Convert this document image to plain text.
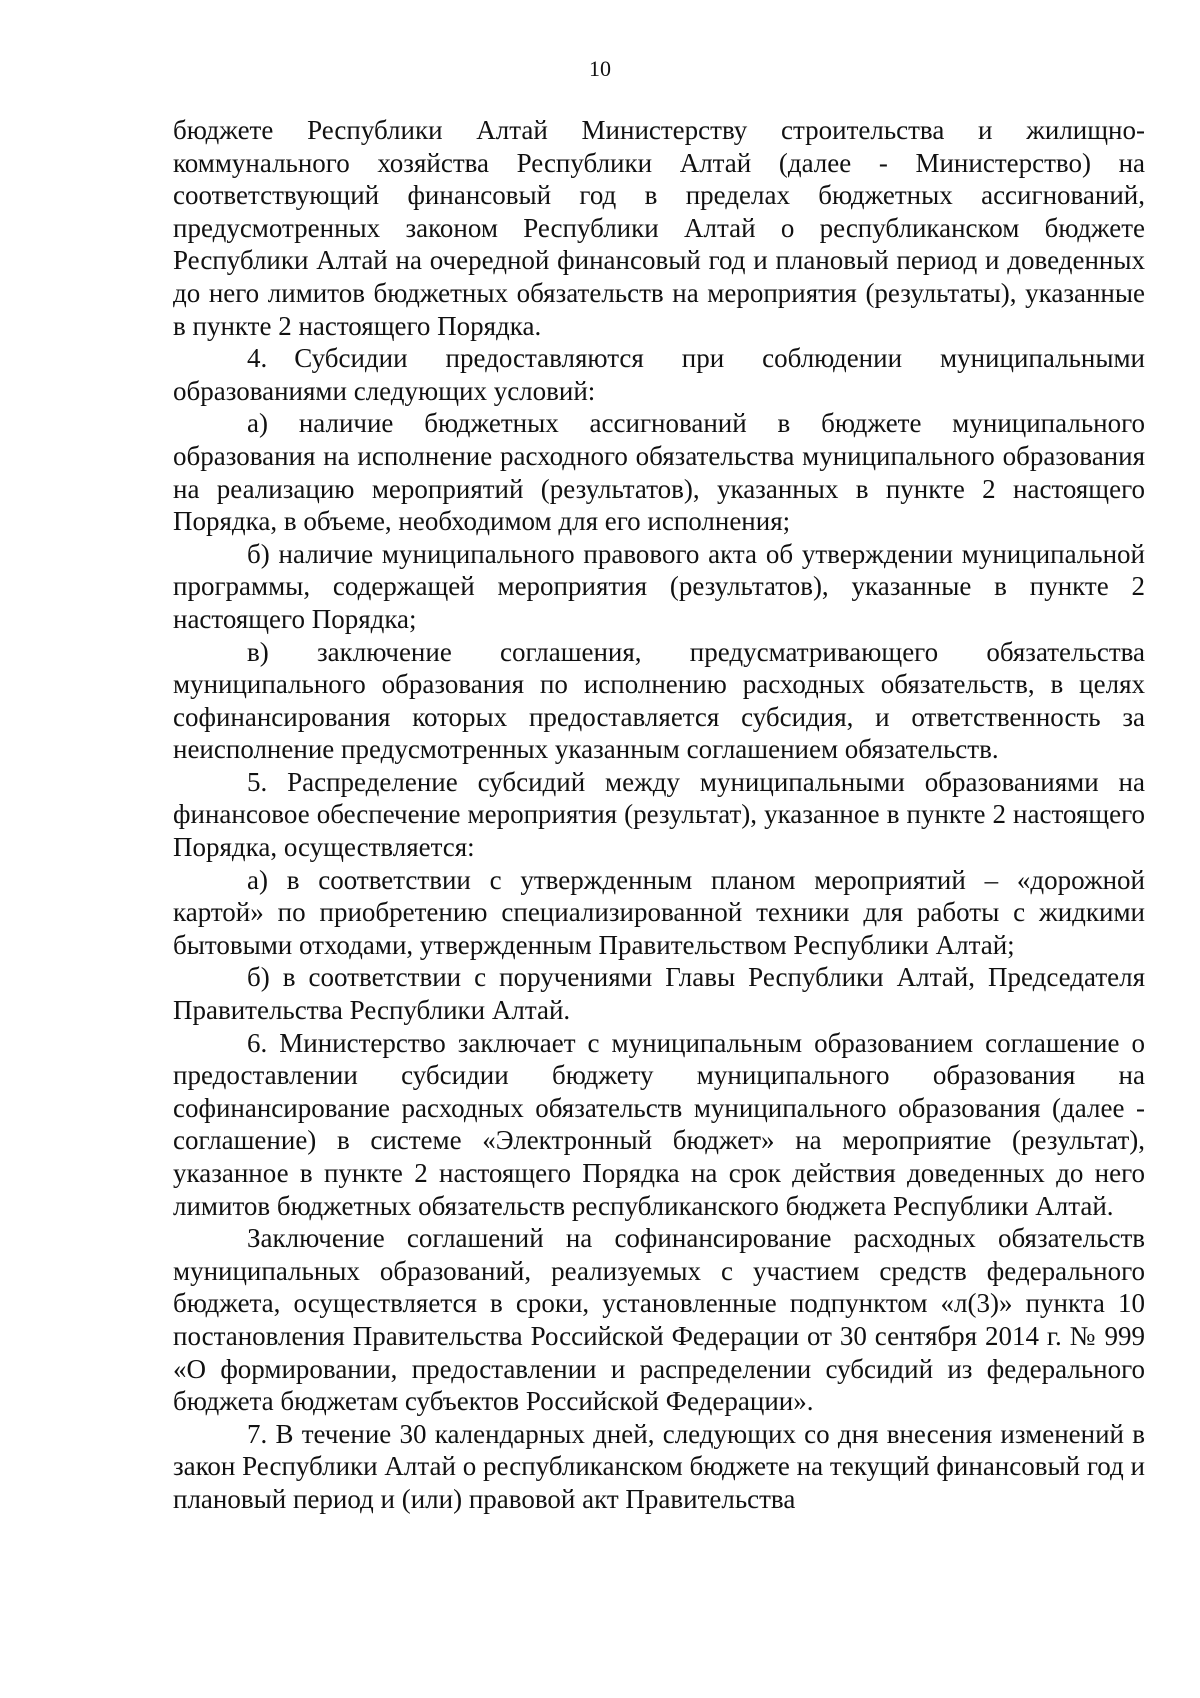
10

бюджете Республики Алтай Министерству строительства и жилищно-коммунального хозяйства Республики Алтай (далее - Министерство) на соответствующий финансовый год в пределах бюджетных ассигнований, предусмотренных законом Республики Алтай о республиканском бюджете Республики Алтай на очередной финансовый год и плановый период и доведенных до него лимитов бюджетных обязательств на мероприятия (результаты), указанные в пункте 2 настоящего Порядка.

4. Субсидии предоставляются при соблюдении муниципальными образованиями следующих условий:

а) наличие бюджетных ассигнований в бюджете муниципального образования на исполнение расходного обязательства муниципального образования на реализацию мероприятий (результатов), указанных в пункте 2 настоящего Порядка, в объеме, необходимом для его исполнения;

б) наличие муниципального правового акта об утверждении муниципальной программы, содержащей мероприятия (результатов), указанные в пункте 2 настоящего Порядка;

в) заключение соглашения, предусматривающего обязательства муниципального образования по исполнению расходных обязательств, в целях софинансирования которых предоставляется субсидия, и ответственность за неисполнение предусмотренных указанным соглашением обязательств.

5. Распределение субсидий между муниципальными образованиями на финансовое обеспечение мероприятия (результат), указанное в пункте 2 настоящего Порядка, осуществляется:

а) в соответствии с утвержденным планом мероприятий – «дорожной картой» по приобретению специализированной техники для работы с жидкими бытовыми отходами, утвержденным Правительством Республики Алтай;

б) в соответствии с поручениями Главы Республики Алтай, Председателя Правительства Республики Алтай.

6. Министерство заключает с муниципальным образованием соглашение о предоставлении субсидии бюджету муниципального образования на софинансирование расходных обязательств муниципального образования (далее - соглашение) в системе «Электронный бюджет» на мероприятие (результат), указанное в пункте 2 настоящего Порядка на срок действия доведенных до него лимитов бюджетных обязательств республиканского бюджета Республики Алтай.

Заключение соглашений на софинансирование расходных обязательств муниципальных образований, реализуемых с участием средств федерального бюджета, осуществляется в сроки, установленные подпунктом «л(3)» пункта 10 постановления Правительства Российской Федерации от 30 сентября 2014 г. № 999 «О формировании, предоставлении и распределении субсидий из федерального бюджета бюджетам субъектов Российской Федерации».

7. В течение 30 календарных дней, следующих со дня внесения изменений в закон Республики Алтай о республиканском бюджете на текущий финансовый год и плановый период и (или) правовой акт Правительства
